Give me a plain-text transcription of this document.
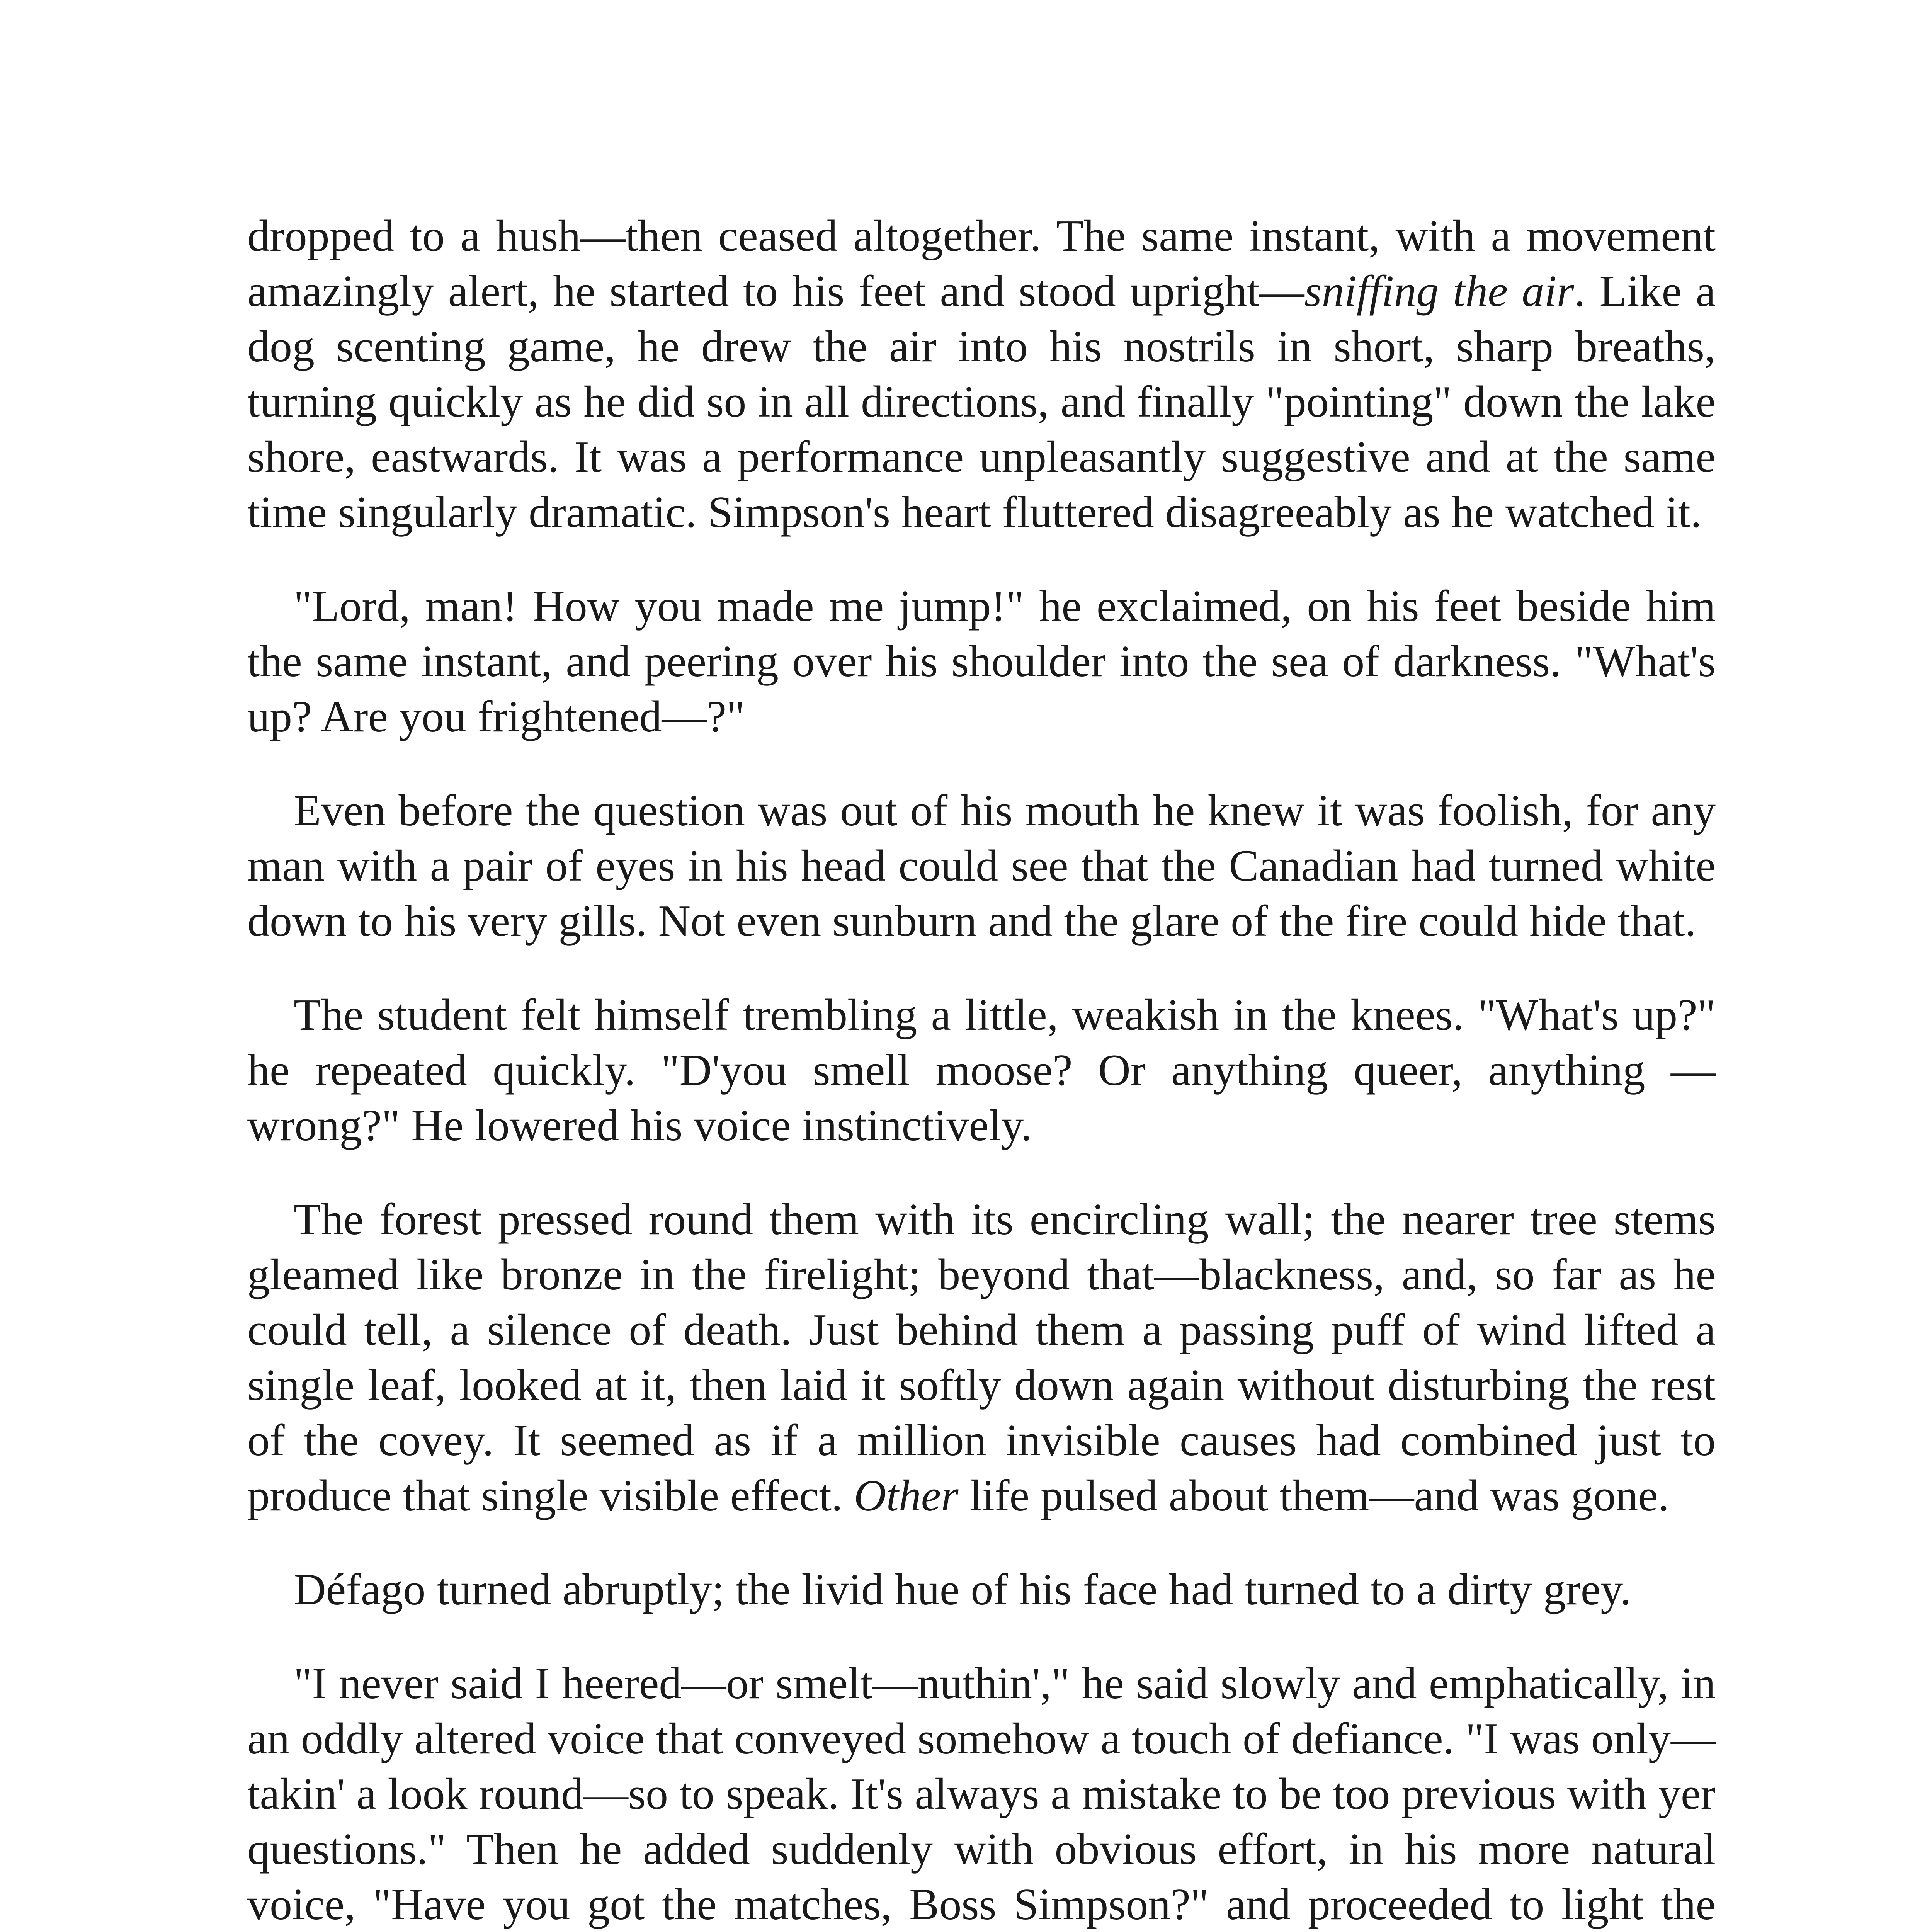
dropped to a hush—then ceased altogether. The same instant, with a movement amazingly alert, he started to his feet and stood upright—sniffing the air. Like a dog scenting game, he drew the air into his nostrils in short, sharp breaths, turning quickly as he did so in all directions, and finally "pointing" down the lake shore, eastwards. It was a performance unpleasantly suggestive and at the same time singularly dramatic. Simpson's heart fluttered disagreeably as he watched it.

"Lord, man! How you made me jump!" he exclaimed, on his feet beside him the same instant, and peering over his shoulder into the sea of darkness. "What's up? Are you frightened—?"

Even before the question was out of his mouth he knew it was foolish, for any man with a pair of eyes in his head could see that the Canadian had turned white down to his very gills. Not even sunburn and the glare of the fire could hide that.

The student felt himself trembling a little, weakish in the knees. "What's up?" he repeated quickly. "D'you smell moose? Or anything queer, anything —wrong?" He lowered his voice instinctively.

The forest pressed round them with its encircling wall; the nearer tree stems gleamed like bronze in the firelight; beyond that—blackness, and, so far as he could tell, a silence of death. Just behind them a passing puff of wind lifted a single leaf, looked at it, then laid it softly down again without disturbing the rest of the covey. It seemed as if a million invisible causes had combined just to produce that single visible effect. Other life pulsed about them—and was gone.

Défago turned abruptly; the livid hue of his face had turned to a dirty grey.

"I never said I heered—or smelt—nuthin'," he said slowly and emphatically, in an oddly altered voice that conveyed somehow a touch of defiance. "I was only—takin' a look round—so to speak. It's always a mistake to be too previous with yer questions." Then he added suddenly with obvious effort, in his more natural voice, "Have you got the matches, Boss Simpson?" and proceeded to light the
